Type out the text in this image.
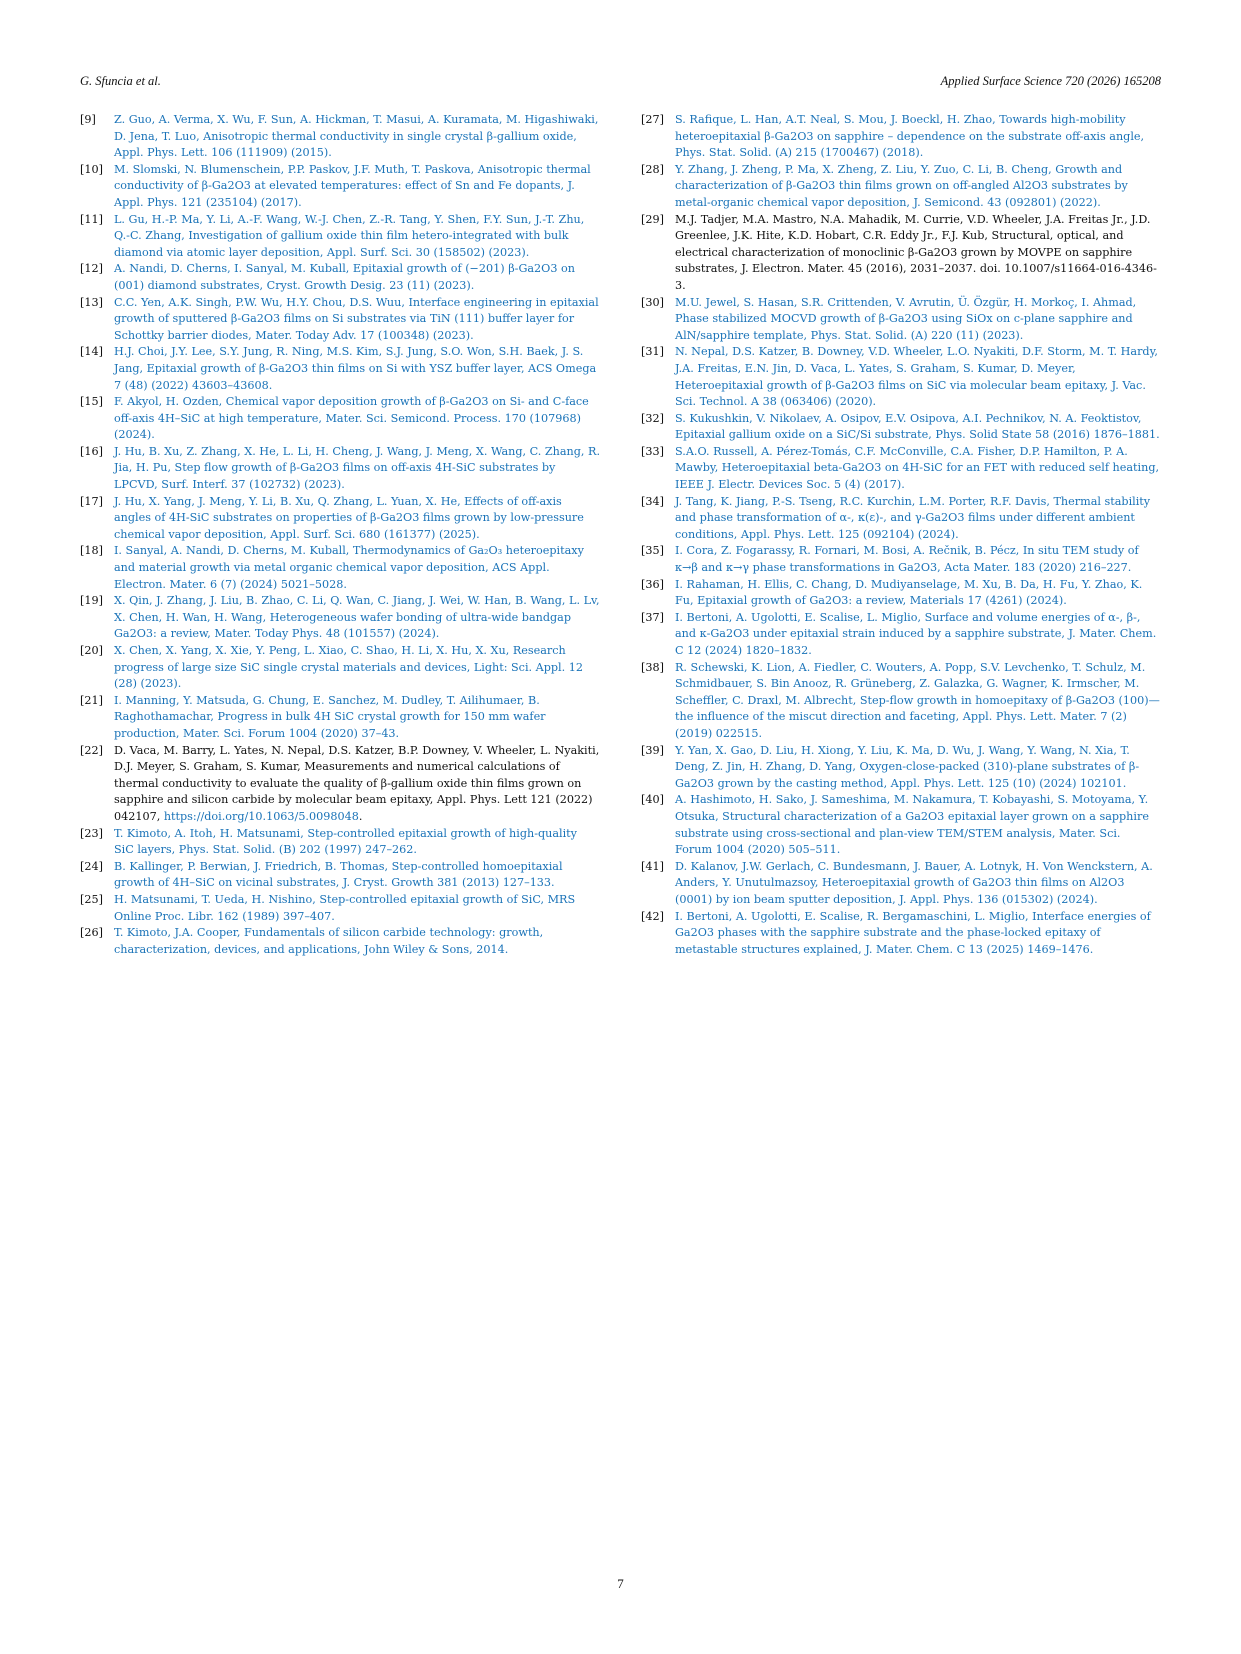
G. Sfuncia et al.	Applied Surface Science 720 (2026) 165208
[9]	Z. Guo, A. Verma, X. Wu, F. Sun, A. Hickman, T. Masui, A. Kuramata, M. Higashiwaki, D. Jena, T. Luo, Anisotropic thermal conductivity in single crystal β-gallium oxide, Appl. Phys. Lett. 106 (111909) (2015).
[10] M. Slomski, N. Blumenschein, P.P. Paskov, J.F. Muth, T. Paskova, Anisotropic thermal conductivity of β-Ga2O3 at elevated temperatures: effect of Sn and Fe dopants, J. Appl. Phys. 121 (235104) (2017).
[11] L. Gu, H.-P. Ma, Y. Li, A.-F. Wang, W.-J. Chen, Z.-R. Tang, Y. Shen, F.Y. Sun, J.-T. Zhu, Q.-C. Zhang, Investigation of gallium oxide thin film hetero-integrated with bulk diamond via atomic layer deposition, Appl. Surf. Sci. 30 (158502) (2023).
[12] A. Nandi, D. Cherns, I. Sanyal, M. Kuball, Epitaxial growth of (−201) β-Ga2O3 on (001) diamond substrates, Cryst. Growth Desig. 23 (11) (2023).
[13] C.C. Yen, A.K. Singh, P.W. Wu, H.Y. Chou, D.S. Wuu, Interface engineering in epitaxial growth of sputtered β-Ga2O3 films on Si substrates via TiN (111) buffer layer for Schottky barrier diodes, Mater. Today Adv. 17 (100348) (2023).
[14] H.J. Choi, J.Y. Lee, S.Y. Jung, R. Ning, M.S. Kim, S.J. Jung, S.O. Won, S.H. Baek, J. S. Jang, Epitaxial growth of β-Ga2O3 thin films on Si with YSZ buffer layer, ACS Omega 7 (48) (2022) 43603–43608.
[15] F. Akyol, H. Ozden, Chemical vapor deposition growth of β-Ga2O3 on Si- and C-face off-axis 4H–SiC at high temperature, Mater. Sci. Semicond. Process. 170 (107968) (2024).
[16] J. Hu, B. Xu, Z. Zhang, X. He, L. Li, H. Cheng, J. Wang, J. Meng, X. Wang, C. Zhang, R. Jia, H. Pu, Step flow growth of β-Ga2O3 films on off-axis 4H-SiC substrates by LPCVD, Surf. Interf. 37 (102732) (2023).
[17] J. Hu, X. Yang, J. Meng, Y. Li, B. Xu, Q. Zhang, L. Yuan, X. He, Effects of off-axis angles of 4H-SiC substrates on properties of β-Ga2O3 films grown by low-pressure chemical vapor deposition, Appl. Surf. Sci. 680 (161377) (2025).
[18] I. Sanyal, A. Nandi, D. Cherns, M. Kuball, Thermodynamics of Ga₂O₃ heteroepitaxy and material growth via metal organic chemical vapor deposition, ACS Appl. Electron. Mater. 6 (7) (2024) 5021–5028.
[19] X. Qin, J. Zhang, J. Liu, B. Zhao, C. Li, Q. Wan, C. Jiang, J. Wei, W. Han, B. Wang, L. Lv, X. Chen, H. Wan, H. Wang, Heterogeneous wafer bonding of ultra-wide bandgap Ga2O3: a review, Mater. Today Phys. 48 (101557) (2024).
[20] X. Chen, X. Yang, X. Xie, Y. Peng, L. Xiao, C. Shao, H. Li, X. Hu, X. Xu, Research progress of large size SiC single crystal materials and devices, Light: Sci. Appl. 12 (28) (2023).
[21] I. Manning, Y. Matsuda, G. Chung, E. Sanchez, M. Dudley, T. Ailihumaer, B. Raghothamachar, Progress in bulk 4H SiC crystal growth for 150 mm wafer production, Mater. Sci. Forum 1004 (2020) 37–43.
[22] D. Vaca, M. Barry, L. Yates, N. Nepal, D.S. Katzer, B.P. Downey, V. Wheeler, L. Nyakiti, D.J. Meyer, S. Graham, S. Kumar, Measurements and numerical calculations of thermal conductivity to evaluate the quality of β-gallium oxide thin films grown on sapphire and silicon carbide by molecular beam epitaxy, Appl. Phys. Lett 121 (2022) 042107, https://doi.org/10.1063/5.0098048.
[23] T. Kimoto, A. Itoh, H. Matsunami, Step-controlled epitaxial growth of high-quality SiC layers, Phys. Stat. Solid. (B) 202 (1997) 247–262.
[24] B. Kallinger, P. Berwian, J. Friedrich, B. Thomas, Step-controlled homoepitaxial growth of 4H–SiC on vicinal substrates, J. Cryst. Growth 381 (2013) 127–133.
[25] H. Matsunami, T. Ueda, H. Nishino, Step-controlled epitaxial growth of SiC, MRS Online Proc. Libr. 162 (1989) 397–407.
[26] T. Kimoto, J.A. Cooper, Fundamentals of silicon carbide technology: growth, characterization, devices, and applications, John Wiley & Sons, 2014.
[27] S. Rafique, L. Han, A.T. Neal, S. Mou, J. Boeckl, H. Zhao, Towards high-mobility heteroepitaxial β-Ga2O3 on sapphire – dependence on the substrate off-axis angle, Phys. Stat. Solid. (A) 215 (1700467) (2018).
[28] Y. Zhang, J. Zheng, P. Ma, X. Zheng, Z. Liu, Y. Zuo, C. Li, B. Cheng, Growth and characterization of β-Ga2O3 thin films grown on off-angled Al2O3 substrates by metal-organic chemical vapor deposition, J. Semicond. 43 (092801) (2022).
[29] M.J. Tadjer, M.A. Mastro, N.A. Mahadik, M. Currie, V.D. Wheeler, J.A. Freitas Jr., J.D. Greenlee, J.K. Hite, K.D. Hobart, C.R. Eddy Jr., F.J. Kub, Structural, optical, and electrical characterization of monoclinic β-Ga2O3 grown by MOVPE on sapphire substrates, J. Electron. Mater. 45 (2016), 2031–2037. doi. 10.1007/s11664-016-4346-3.
[30] M.U. Jewel, S. Hasan, S.R. Crittenden, V. Avrutin, Ü. Özgür, H. Morkoç, I. Ahmad, Phase stabilized MOCVD growth of β-Ga2O3 using SiOx on c-plane sapphire and AlN/sapphire template, Phys. Stat. Solid. (A) 220 (11) (2023).
[31] N. Nepal, D.S. Katzer, B. Downey, V.D. Wheeler, L.O. Nyakiti, D.F. Storm, M. T. Hardy, J.A. Freitas, E.N. Jin, D. Vaca, L. Yates, S. Graham, S. Kumar, D. Meyer, Heteroepitaxial growth of β-Ga2O3 films on SiC via molecular beam epitaxy, J. Vac. Sci. Technol. A 38 (063406) (2020).
[32] S. Kukushkin, V. Nikolaev, A. Osipov, E.V. Osipova, A.I. Pechnikov, N. A. Feoktistov, Epitaxial gallium oxide on a SiC/Si substrate, Phys. Solid State 58 (2016) 1876–1881.
[33] S.A.O. Russell, A. Pérez-Tomás, C.F. McConville, C.A. Fisher, D.P. Hamilton, P. A. Mawby, Heteroepitaxial beta-Ga2O3 on 4H-SiC for an FET with reduced self heating, IEEE J. Electr. Devices Soc. 5 (4) (2017).
[34] J. Tang, K. Jiang, P.-S. Tseng, R.C. Kurchin, L.M. Porter, R.F. Davis, Thermal stability and phase transformation of α-, κ(ε)-, and γ-Ga2O3 films under different ambient conditions, Appl. Phys. Lett. 125 (092104) (2024).
[35] I. Cora, Z. Fogarassy, R. Fornari, M. Bosi, A. Rečnik, B. Pécz, In situ TEM study of κ→β and κ→γ phase transformations in Ga2O3, Acta Mater. 183 (2020) 216–227.
[36] I. Rahaman, H. Ellis, C. Chang, D. Mudiyanselage, M. Xu, B. Da, H. Fu, Y. Zhao, K. Fu, Epitaxial growth of Ga2O3: a review, Materials 17 (4261) (2024).
[37] I. Bertoni, A. Ugolotti, E. Scalise, L. Miglio, Surface and volume energies of α-, β-, and κ-Ga2O3 under epitaxial strain induced by a sapphire substrate, J. Mater. Chem. C 12 (2024) 1820–1832.
[38] R. Schewski, K. Lion, A. Fiedler, C. Wouters, A. Popp, S.V. Levchenko, T. Schulz, M. Schmidbauer, S. Bin Anooz, R. Grüneberg, Z. Galazka, G. Wagner, K. Irmscher, M. Scheffler, C. Draxl, M. Albrecht, Step-flow growth in homoepitaxy of β-Ga2O3 (100)—the influence of the miscut direction and faceting, Appl. Phys. Lett. Mater. 7 (2) (2019) 022515.
[39] Y. Yan, X. Gao, D. Liu, H. Xiong, Y. Liu, K. Ma, D. Wu, J. Wang, Y. Wang, N. Xia, T. Deng, Z. Jin, H. Zhang, D. Yang, Oxygen-close-packed (310)-plane substrates of β-Ga2O3 grown by the casting method, Appl. Phys. Lett. 125 (10) (2024) 102101.
[40] A. Hashimoto, H. Sako, J. Sameshima, M. Nakamura, T. Kobayashi, S. Motoyama, Y. Otsuka, Structural characterization of a Ga2O3 epitaxial layer grown on a sapphire substrate using cross-sectional and plan-view TEM/STEM analysis, Mater. Sci. Forum 1004 (2020) 505–511.
[41] D. Kalanov, J.W. Gerlach, C. Bundesmann, J. Bauer, A. Lotnyk, H. Von Wenckstern, A. Anders, Y. Unutulmazsoy, Heteroepitaxial growth of Ga2O3 thin films on Al2O3 (0001) by ion beam sputter deposition, J. Appl. Phys. 136 (015302) (2024).
[42] I. Bertoni, A. Ugolotti, E. Scalise, R. Bergamaschini, L. Miglio, Interface energies of Ga2O3 phases with the sapphire substrate and the phase-locked epitaxy of metastable structures explained, J. Mater. Chem. C 13 (2025) 1469–1476.
7
